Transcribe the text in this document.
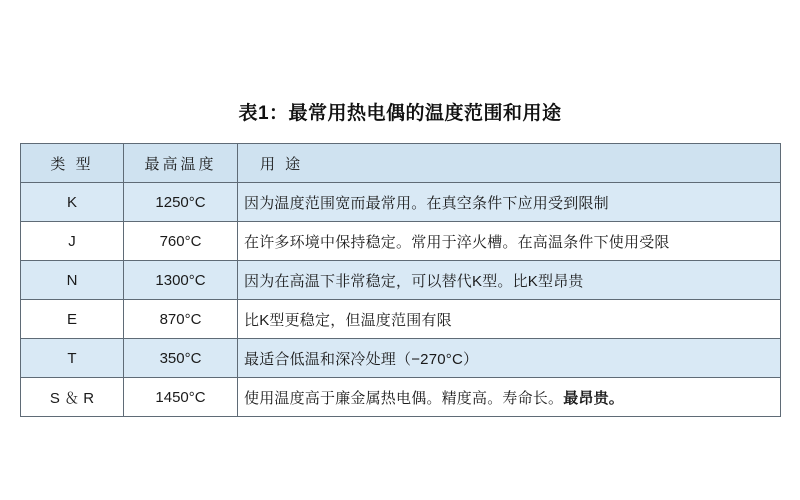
表1：最常用热电偶的温度范围和用途
类 型	最高温度	用 途
K	1250°C	因为温度范围宽而最常用。在真空条件下应用受到限制
J	760°C	在许多环境中保持稳定。常用于淬火槽。在高温条件下使用受限
N	1300°C	因为在高温下非常稳定，可以替代K型。比K型昂贵
E	870°C	比K型更稳定，但温度范围有限
T	350°C	最适合低温和深冷处理（−270°C）
S ＆ R	1450°C	使用温度高于廉金属热电偶。精度高。寿命长。最昂贵。
